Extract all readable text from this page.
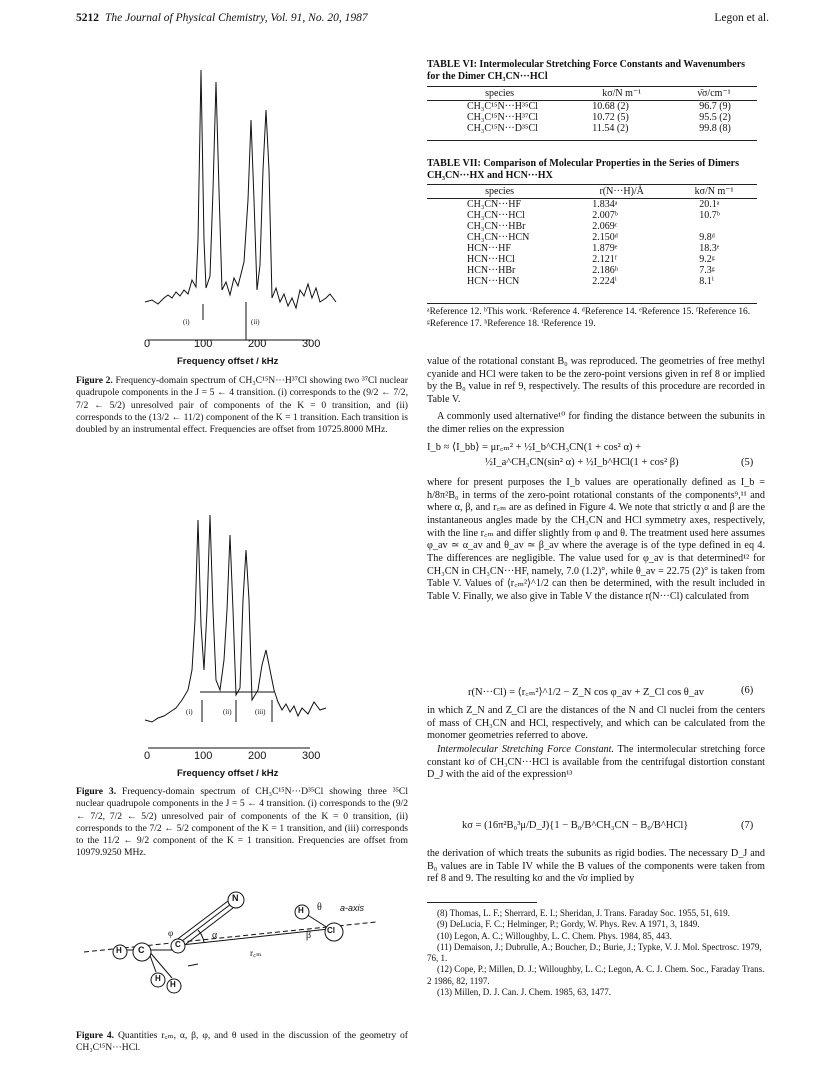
5212 The Journal of Physical Chemistry, Vol. 91, No. 20, 1987	Legon et al.
(i)	(ii)
0	100	200	300
Frequency offset / kHz
Figure 2. Frequency-domain spectrum of CH₃C¹⁵N···H³⁷Cl showing two ³⁷Cl nuclear quadrupole components in the J = 5 ← 4 transition. (i) corresponds to the (9/2 ← 7/2, 7/2 ← 5/2) unresolved pair of components of the K = 0 transition, and (ii) corresponds to the (13/2 ← 11/2) component of the K = 1 transition. Each transition is doubled by an instrumental effect. Frequencies are offset from 10725.8000 MHz.
(i)	(ii)	(iii)
0	100	200	300
Frequency offset / kHz
Figure 3. Frequency-domain spectrum of CH₃C¹⁵N···D³⁵Cl showing three ³⁵Cl nuclear quadrupole components in the J = 5 ← 4 transition. (i) corresponds to the (9/2 ← 7/2, 7/2 ← 5/2) unresolved pair of components of the K = 0 transition, (ii) corresponds to the 7/2 ← 5/2 component of the K = 1 transition, and (iii) corresponds to the 11/2 ← 9/2 component of the K = 1 transition. Frequencies are offset from 10979.9250 MHz.
N
C
C
H
H
H
H
Cl
α
φ
θ
β
r꜀ₘ
a-axis
Figure 4. Quantities r꜀ₘ, α, β, φ, and θ used in the discussion of the geometry of CH₃C¹⁵N···HCl.
TABLE VI: Intermolecular Stretching Force Constants and Wavenumbers for the Dimer CH₃CN···HCl
species	kσ/N m⁻¹	ν̄σ/cm⁻¹
CH₃C¹⁵N···H³⁵Cl	10.68 (2)	96.7 (9)
CH₃C¹⁵N···H³⁷Cl	10.72 (5)	95.5 (2)
CH₃C¹⁵N···D³⁵Cl	11.54 (2)	99.8 (8)
TABLE VII: Comparison of Molecular Properties in the Series of Dimers CH₃CN···HX and HCN···HX
species	r(N···H)/Å	kσ/N m⁻¹
CH₃CN···HF	1.834ᵃ	20.1ᵃ
CH₃CN···HCl	2.007ᵇ	10.7ᵇ
CH₃CN···HBr	2.069ᶜ	
CH₃CN···HCN	2.150ᵈ	9.8ᵈ
HCN···HF	1.879ᵉ	18.3ᵉ
HCN···HCl	2.121ᶠ	9.2ᵍ
HCN···HBr	2.186ʰ	7.3ᵍ
HCN···HCN	2.224ⁱ	8.1ⁱ
ᵃReference 12. ᵇThis work. ᶜReference 4. ᵈReference 14. ᵉReference 15. ᶠReference 16. ᵍReference 17. ʰReference 18. ⁱReference 19.
value of the rotational constant B₀ was reproduced. The geometries of free methyl cyanide and HCl were taken to be the zero-point versions given in ref 8 or implied by the B₀ value in ref 9, respectively. The results of this procedure are recorded in Table V.
A commonly used alternative¹⁰ for finding the distance between the subunits in the dimer relies on the expression
I_b ≈ ⟨I_bb⟩ = μr꜀ₘ² + ½I_b^CH₃CN(1 + cos² α) +
½I_a^CH₃CN(sin² α) + ½I_b^HCl(1 + cos² β)	(5)
where for present purposes the I_b values are operationally defined as I_b = h/8π²B₀ in terms of the zero-point rotational constants of the components⁹,¹¹ and where α, β, and r꜀ₘ are as defined in Figure 4. We note that strictly α and β are the instantaneous angles made by the CH₃CN and HCl symmetry axes, respectively, with the line r꜀ₘ and differ slightly from φ and θ. The treatment used here assumes φ_av ≃ α_av and θ_av ≃ β_av where the average is of the type defined in eq 4. The differences are negligible. The value used for φ_av is that determined¹² for CH₃CN in CH₃CN···HF, namely, 7.0 (1.2)°, while θ_av = 22.75 (2)° is taken from Table V. Values of ⟨r꜀ₘ²⟩^1/2 can then be determined, with the result included in Table V. Finally, we also give in Table V the distance r(N···Cl) calculated from
r(N···Cl) = ⟨r꜀ₘ²⟩^1/2 − Z_N cos φ_av + Z_Cl cos θ_av	(6)
in which Z_N and Z_Cl are the distances of the N and Cl nuclei from the centers of mass of CH₃CN and HCl, respectively, and which can be calculated from the monomer geometries referred to above.
Intermolecular Stretching Force Constant. The intermolecular stretching force constant kσ of CH₃CN···HCl is available from the centrifugal distortion constant D_J with the aid of the expression¹³
kσ = (16π²B₀³μ/D_J){1 − B₀/B^CH₃CN − B₀/B^HCl}	(7)
the derivation of which treats the subunits as rigid bodies. The necessary D_J and B₀ values are in Table IV while the B values of the components were taken from ref 8 and 9. The resulting kσ and the ν̄σ implied by
(8) Thomas, L. F.; Sherrard, E. I.; Sheridan, J. Trans. Faraday Soc. 1955, 51, 619.
(9) DeLucia, F. C.; Helminger, P.; Gordy, W. Phys. Rev. A 1971, 3, 1849.
(10) Legon, A. C.; Willoughby, L. C. Chem. Phys. 1984, 85, 443.
(11) Demaison, J.; Dubrulle, A.; Boucher, D.; Burie, J.; Typke, V. J. Mol. Spectrosc. 1979, 76, 1.
(12) Cope, P.; Millen, D. J.; Willoughby, L. C.; Legon, A. C. J. Chem. Soc., Faraday Trans. 2 1986, 82, 1197.
(13) Millen, D. J. Can. J. Chem. 1985, 63, 1477.
